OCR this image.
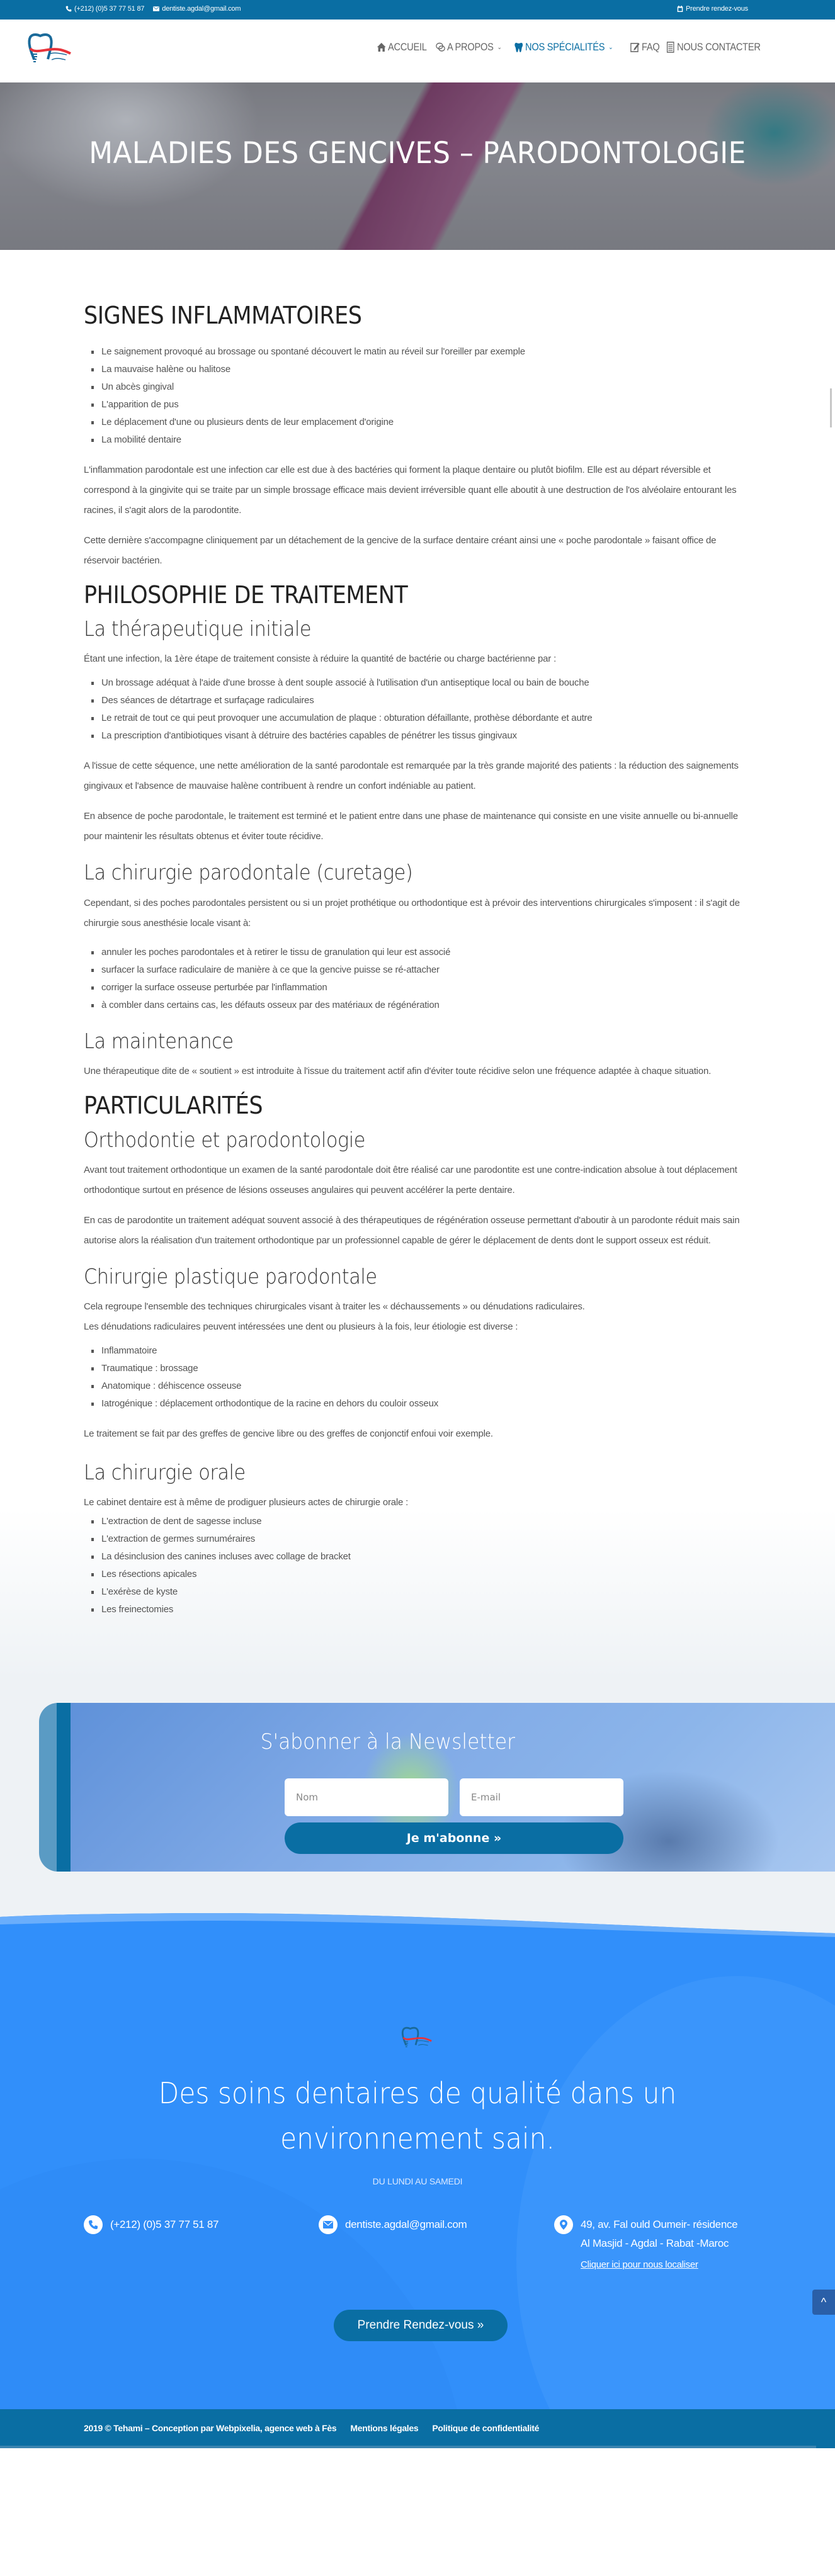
(+212) (0)5 37 77 51 87	dentiste.agdal@gmail.com	Prendre rendez-vous
ACCUEIL A PROPOS ⌄ NOS SPÉCIALITÉS ⌄	FAQ NOUS CONTACTER
MALADIES DES GENCIVES – PARODONTOLOGIE
SIGNES INFLAMMATOIRES
Le saignement provoqué au brossage ou spontané découvert le matin au réveil sur l'oreiller par exemple
La mauvaise halène ou halitose
Un abcès gingival
L'apparition de pus
Le déplacement d'une ou plusieurs dents de leur emplacement d'origine
La mobilité dentaire

L'inflammation parodontale est une infection car elle est due à des bactéries qui forment la plaque dentaire ou plutôt biofilm. Elle est au départ réversible et correspond à la gingivite qui se traite par un simple brossage efficace mais devient irréversible quant elle aboutit à une destruction de l'os alvéolaire entourant les racines, il s'agit alors de la parodontite.

Cette dernière s'accompagne cliniquement par un détachement de la gencive de la surface dentaire créant ainsi une « poche parodontale » faisant office de réservoir bactérien.

PHILOSOPHIE DE TRAITEMENT
La thérapeutique initiale

Étant une infection, la 1ère étape de traitement consiste à réduire la quantité de bactérie ou charge bactérienne par :

Un brossage adéquat à l'aide d'une brosse à dent souple associé à l'utilisation d'un antiseptique local ou bain de bouche
Des séances de détartrage et surfaçage radiculaires
Le retrait de tout ce qui peut provoquer une accumulation de plaque : obturation défaillante, prothèse débordante et autre
La prescription d'antibiotiques visant à détruire des bactéries capables de pénétrer les tissus gingivaux

A l'issue de cette séquence, une nette amélioration de la santé parodontale est remarquée par la très grande majorité des patients : la réduction des saignements gingivaux et l'absence de mauvaise halène contribuent à rendre un confort indéniable au patient.

En absence de poche parodontale, le traitement est terminé et le patient entre dans une phase de maintenance qui consiste en une visite annuelle ou bi-annuelle pour maintenir les résultats obtenus et éviter toute récidive.

La chirurgie parodontale (curetage)

Cependant, si des poches parodontales persistent ou si un projet prothétique ou orthodontique est à prévoir des interventions chirurgicales s'imposent : il s'agit de chirurgie sous anesthésie locale visant à:

annuler les poches parodontales et à retirer le tissu de granulation qui leur est associé
surfacer la surface radiculaire de manière à ce que la gencive puisse se ré-attacher
corriger la surface osseuse perturbée par l'inflammation
à combler dans certains cas, les défauts osseux par des matériaux de régénération
La maintenance

Une thérapeutique dite de « soutient » est introduite à l'issue du traitement actif afin d'éviter toute récidive selon une fréquence adaptée à chaque situation.

PARTICULARITÉS
Orthodontie et parodontologie

Avant tout traitement orthodontique un examen de la santé parodontale doit être réalisé car une parodontite est une contre-indication absolue à tout déplacement orthodontique surtout en présence de lésions osseuses angulaires qui peuvent accélérer la perte dentaire.

En cas de parodontite un traitement adéquat souvent associé à des thérapeutiques de régénération osseuse permettant d'aboutir à un parodonte réduit mais sain autorise alors la réalisation d'un traitement orthodontique par un professionnel capable de gérer le déplacement de dents dont le support osseux est réduit.

Chirurgie plastique parodontale

Cela regroupe l'ensemble des techniques chirurgicales visant à traiter les « déchaussements » ou dénudations radiculaires.

Les dénudations radiculaires peuvent intéressées une dent ou plusieurs à la fois, leur étiologie est diverse :

Inflammatoire
Traumatique : brossage
Anatomique : déhiscence osseuse
Iatrogénique : déplacement orthodontique de la racine en dehors du couloir osseux

Le traitement se fait par des greffes de gencive libre ou des greffes de conjonctif enfoui voir exemple.

La chirurgie orale

Le cabinet dentaire est à même de prodiguer plusieurs actes de chirurgie orale :

L'extraction de dent de sagesse incluse
L'extraction de germes surnuméraires
La désinclusion des canines incluses avec collage de bracket
Les résections apicales
L'exérèse de kyste
Les freinectomies
S'abonner à la Newsletter
Nom
E-mail
Je m'abonne »
Des soins dentaires de qualité dans un environnement sain.
DU LUNDI AU SAMEDI
(+212) (0)5 37 77 51 87	dentiste.agdal@gmail.com	49, av. Fal ould Oumeir- résidence Al Masjid - Agdal - Rabat -Maroc
Cliquer ici pour nous localiser
Prendre Rendez-vous »
^
2019 © Tehami – Conception par Webpixelia, agence web à Fès Mentions légales Politique de confidentialité
